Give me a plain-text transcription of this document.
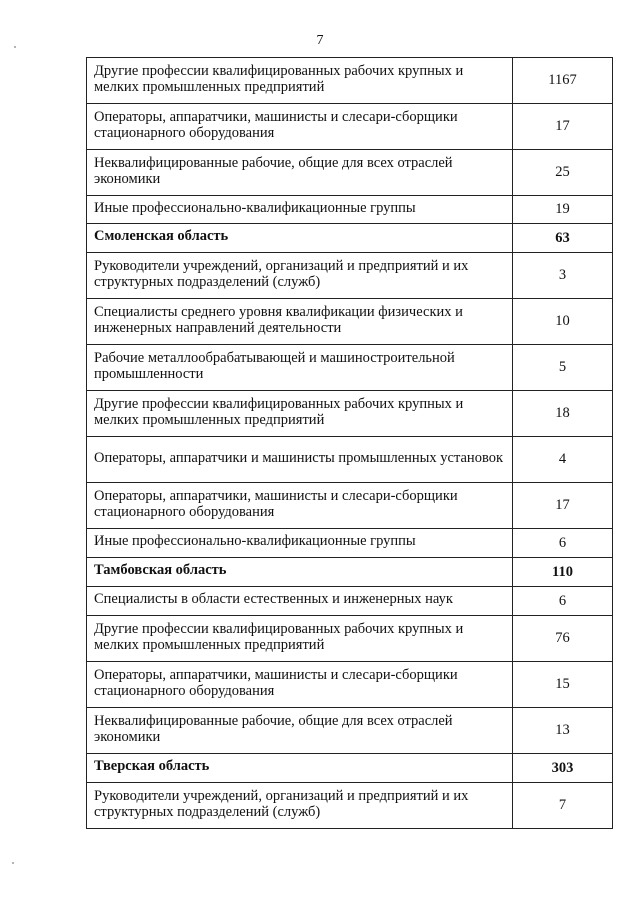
7
Другие профессии квалифицированных рабочих крупных и мелких промышленных предприятий	1167
Операторы, аппаратчики, машинисты и слесари-сборщики стационарного оборудования	17
Неквалифицированные рабочие, общие для всех отраслей экономики	25
Иные профессионально-квалификационные группы	19
Смоленская область	63
Руководители учреждений, организаций и предприятий и их структурных подразделений (служб)	3
Специалисты среднего уровня квалификации физических и инженерных направлений деятельности	10
Рабочие металлообрабатывающей и машиностроительной промышленности	5
Другие профессии квалифицированных рабочих крупных и мелких промышленных предприятий	18
Операторы, аппаратчики и машинисты промышленных установок	4
Операторы, аппаратчики, машинисты и слесари-сборщики стационарного оборудования	17
Иные профессионально-квалификационные группы	6
Тамбовская область	110
Специалисты в области естественных и инженерных наук	6
Другие профессии квалифицированных рабочих крупных и мелких промышленных предприятий	76
Операторы, аппаратчики, машинисты и слесари-сборщики стационарного оборудования	15
Неквалифицированные рабочие, общие для всех отраслей экономики	13
Тверская область	303
Руководители учреждений, организаций и предприятий и их структурных подразделений (служб)	7
